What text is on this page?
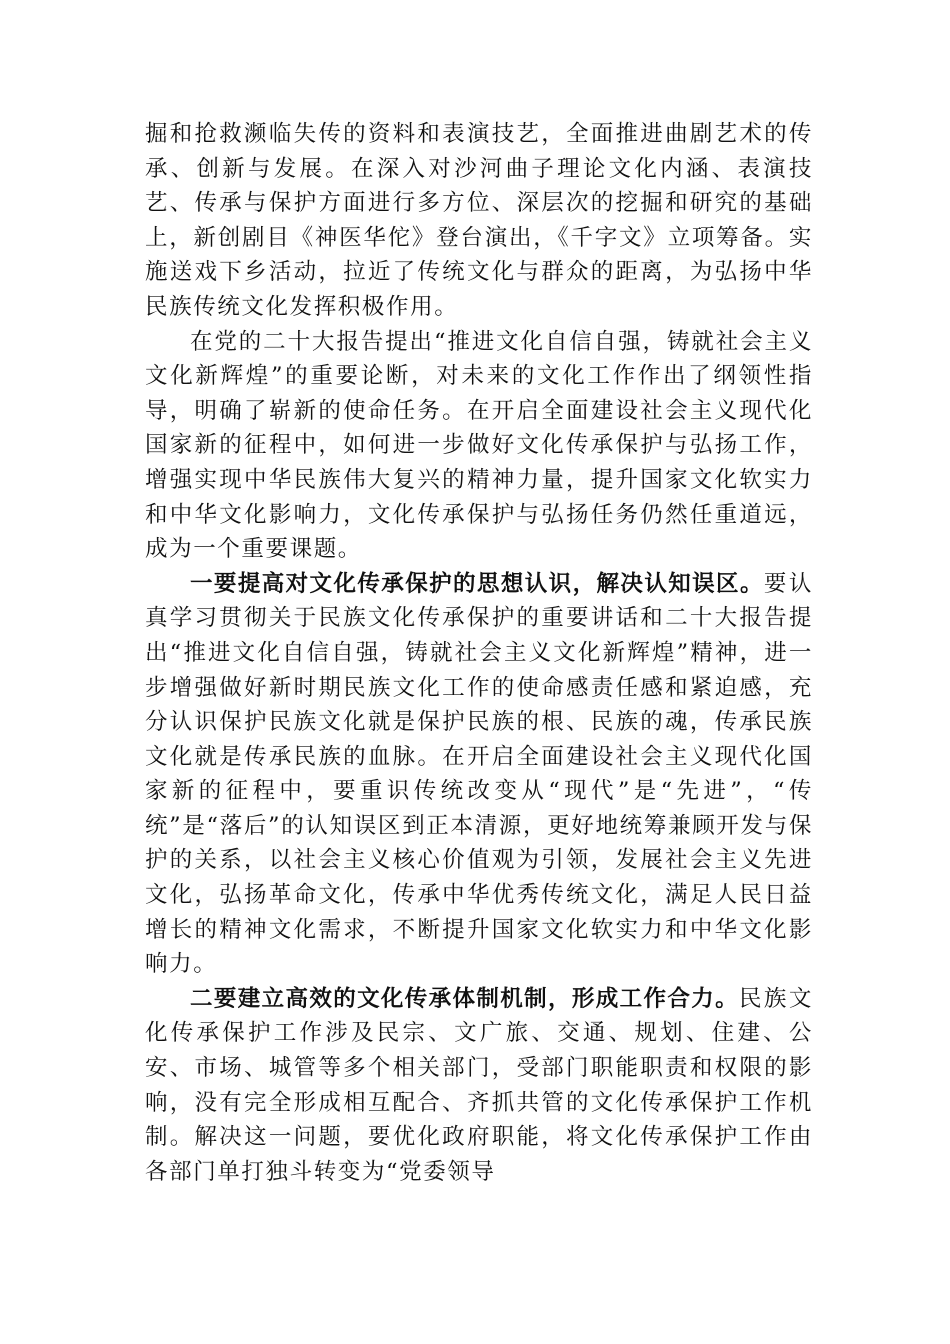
掘和抢救濒临失传的资料和表演技艺，全面推进曲剧艺术的传承、创新与发展。在深入对沙河曲子理论文化内涵、表演技艺、传承与保护方面进行多方位、深层次的挖掘和研究的基础上，新创剧目《神医华佗》登台演出，《千字文》立项筹备。实施送戏下乡活动，拉近了传统文化与群众的距离，为弘扬中华民族传统文化发挥积极作用。

在党的二十大报告提出“推进文化自信自强，铸就社会主义文化新辉煌”的重要论断，对未来的文化工作作出了纲领性指导，明确了崭新的使命任务。在开启全面建设社会主义现代化国家新的征程中，如何进一步做好文化传承保护与弘扬工作，增强实现中华民族伟大复兴的精神力量，提升国家文化软实力和中华文化影响力，文化传承保护与弘扬任务仍然任重道远，成为一个重要课题。

一要提高对文化传承保护的思想认识，解决认知误区。要认真学习贯彻关于民族文化传承保护的重要讲话和二十大报告提出“推进文化自信自强，铸就社会主义文化新辉煌”精神，进一步增强做好新时期民族文化工作的使命感责任感和紧迫感，充分认识保护民族文化就是保护民族的根、民族的魂，传承民族文化就是传承民族的血脉。在开启全面建设社会主义现代化国家新的征程中，要重识传统改变从“现代”是“先进”，“传统”是“落后”的认知误区到正本清源，更好地统筹兼顾开发与保护的关系，以社会主义核心价值观为引领，发展社会主义先进文化，弘扬革命文化，传承中华优秀传统文化，满足人民日益增长的精神文化需求，不断提升国家文化软实力和中华文化影响力。

二要建立高效的文化传承体制机制，形成工作合力。民族文化传承保护工作涉及民宗、文广旅、交通、规划、住建、公安、市场、城管等多个相关部门，受部门职能职责和权限的影响，没有完全形成相互配合、齐抓共管的文化传承保护工作机制。解决这一问题，要优化政府职能，将文化传承保护工作由各部门单打独斗转变为“党委领导
